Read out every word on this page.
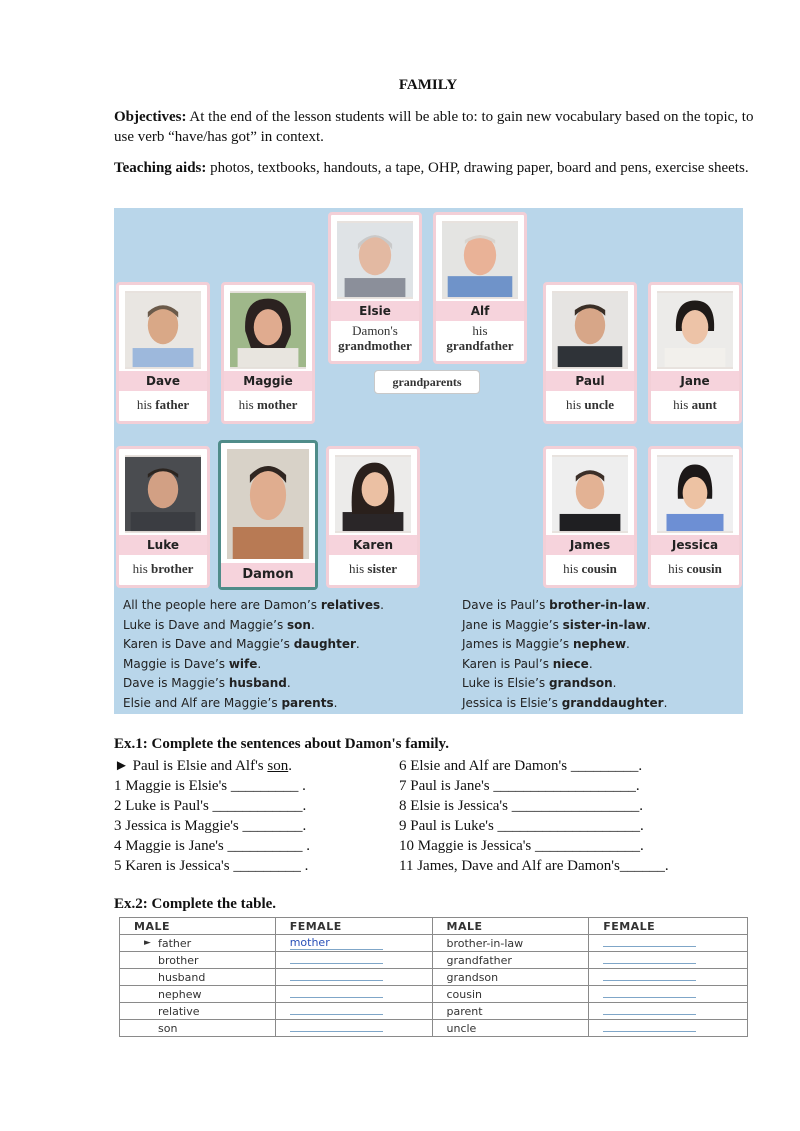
FAMILY
Objectives: At the end of the lesson students will be able to: to gain new vocabulary based on the topic, to use verb “have/has got” in context.
Teaching aids: photos, textbooks, handouts, a tape, OHP, drawing paper, board and pens, exercise sheets.
Elsie
Damon's
grandmother
Alf
his
grandfather
grandparents
Dave
his father
Maggie
his mother
Paul
his uncle
Jane
his aunt
Luke
his brother	Damon
Karen
his sister
James
his cousin
Jessica
his cousin
All the people here are Damon’s relatives.
Luke is Dave and Maggie’s son.
Karen is Dave and Maggie’s daughter.
Maggie is Dave’s wife.
Dave is Maggie’s husband.
Elsie and Alf are Maggie’s parents.
Dave is Paul’s brother-in-law.
Jane is Maggie’s sister-in-law.
James is Maggie’s nephew.
Karen is Paul’s niece.
Luke is Elsie’s grandson.
Jessica is Elsie’s granddaughter.
Ex.1: Complete the sentences about Damon's family.
► Paul is Elsie and Alf's son.
1 Maggie is Elsie's _________ .
2 Luke is Paul's ____________.
3 Jessica is Maggie's ________.
4 Maggie is Jane's __________ .
5 Karen is Jessica's _________ .
6 Elsie and Alf are Damon's _________.
7 Paul is Jane's ___________________.
8 Elsie is Jessica's _________________.
9 Paul is Luke's ___________________.
10 Maggie is Jessica's ______________.
11 James, Dave and Alf are Damon's______.
Ex.2: Complete the table.
MALE	FEMALE	MALE	FEMALE

► father	mother	brother-in-law	
brother		grandfather	
husband		grandson	
nephew		cousin	
relative		parent	
son		uncle	
